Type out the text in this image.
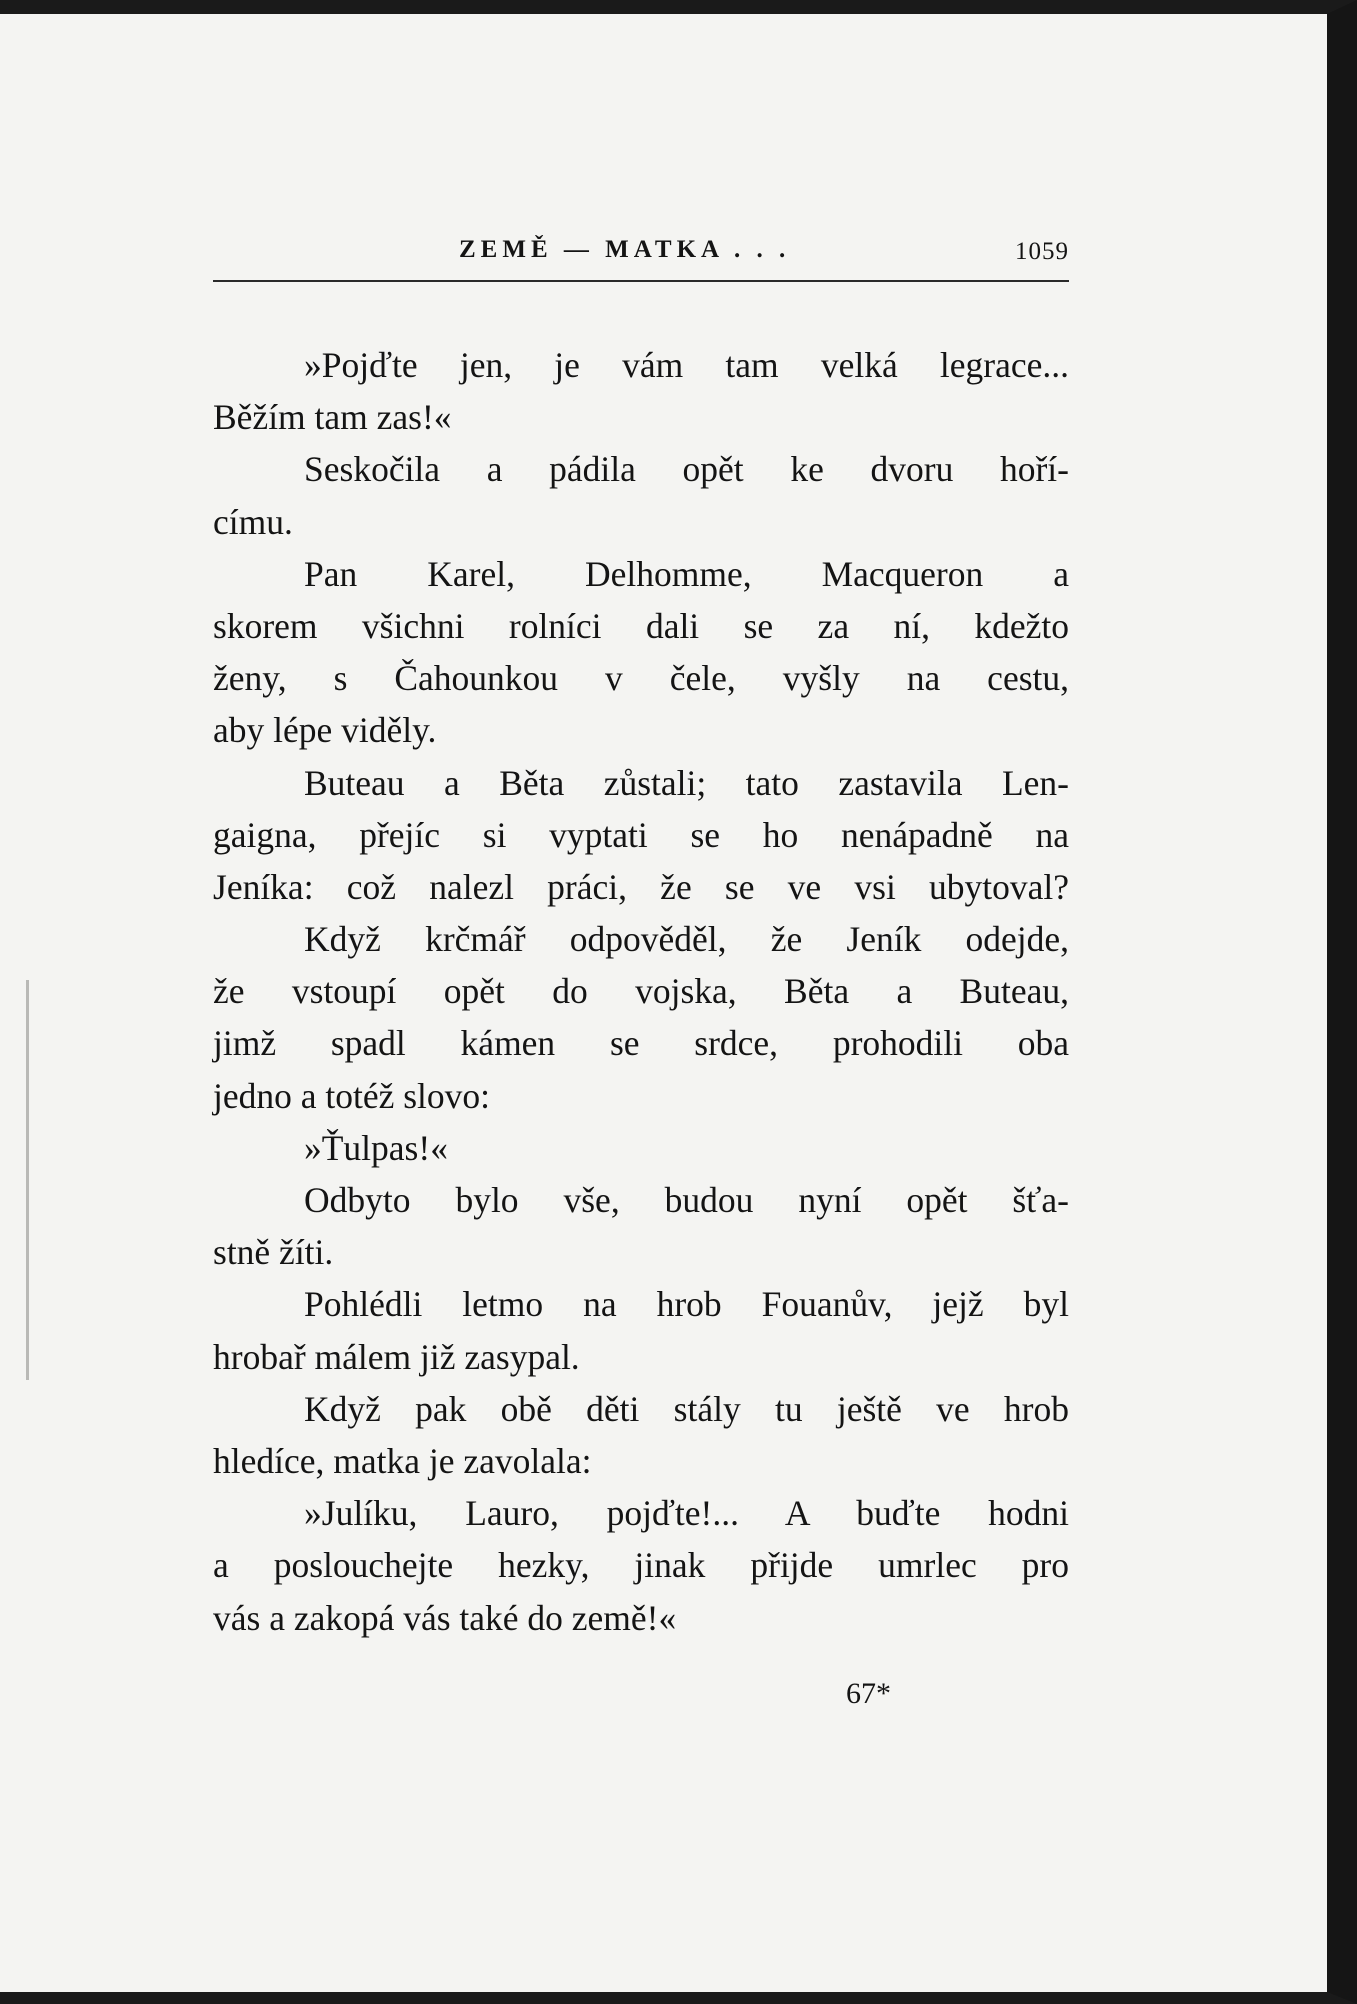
ZEMĚ — MATKA . . .	1059
»Pojďte jen, je vám tam velká legrace...
Běžím tam zas!«
Seskočila a pádila opět ke dvoru hoří-
címu.
Pan Karel, Delhomme, Macqueron a
skorem všichni rolníci dali se za ní, kdežto
ženy, s Čahounkou v čele, vyšly na cestu,
aby lépe viděly.
Buteau a Běta zůstali; tato zastavila Len-
gaigna, přejíc si vyptati se ho nenápadně na
Jeníka: což nalezl práci, že se ve vsi ubytoval?
Když krčmář odpověděl, že Jeník odejde,
že vstoupí opět do vojska, Běta a Buteau,
jimž spadl kámen se srdce, prohodili oba
jedno a totéž slovo:
»Ťulpas!«
Odbyto bylo vše, budou nyní opět šťa-
stně žíti.
Pohlédli letmo na hrob Fouanův, jejž byl
hrobař málem již zasypal.
Když pak obě děti stály tu ještě ve hrob
hledíce, matka je zavolala:
»Julíku, Lauro, pojďte!... A buďte hodni
a poslouchejte hezky, jinak přijde umrlec pro
vás a zakopá vás také do země!«
67*
